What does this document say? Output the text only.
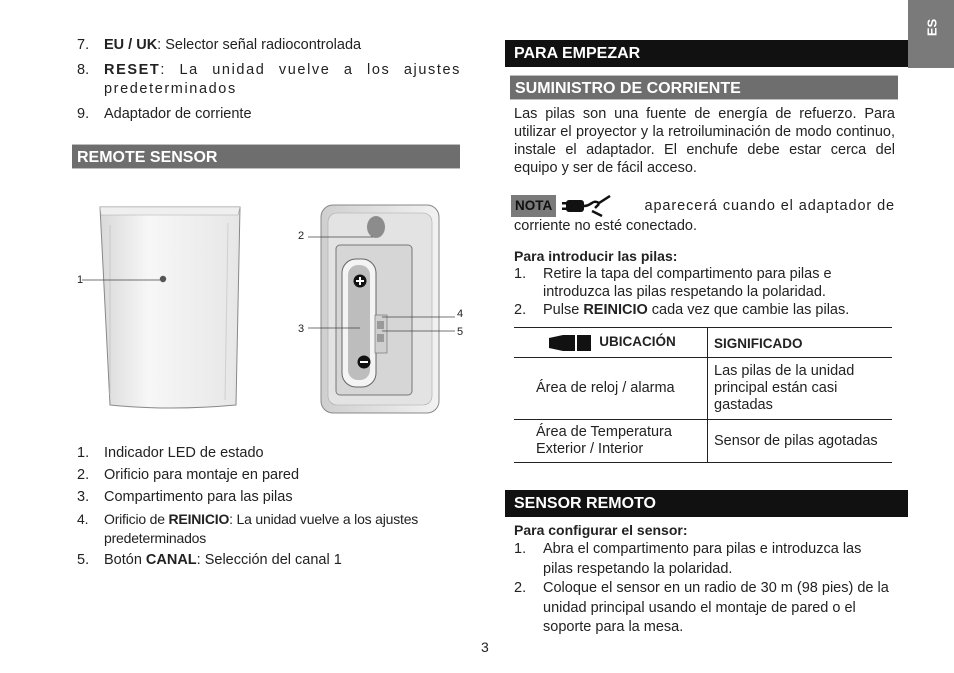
ES
7. EU / UK: Selector señal radiocontrolada
8. RESET: La unidad vuelve a los ajustes predeterminados
9. Adaptador de corriente
REMOTE SENSOR
1
2
3
4
5
1. Indicador LED de estado
2. Orificio para montaje en pared
3. Compartimento para las pilas
4. Orificio de REINICIO: La unidad vuelve a los ajustes predeterminados
5. Botón CANAL: Selección del canal 1
PARA EMPEZAR
SUMINISTRO DE CORRIENTE
Las pilas son una fuente de energía de refuerzo. Para utilizar el proyector y la retroiluminación de modo continuo, instale el adaptador. El enchufe debe estar cerca del equipo y ser de fácil acceso.
NOTA	aparecerá cuando el adaptador de
corriente no esté conectado.
Para introducir las pilas:
1. Retire la tapa del compartimento para pilas e introduzca las pilas respetando la polaridad.
2. Pulse REINICIO cada vez que cambie las pilas.
UBICACIÓN	SIGNIFICADO
Área de reloj / alarma	Las pilas de la unidad principal están casi gastadas
Área de Temperatura Exterior / Interior	Sensor de pilas agotadas
SENSOR REMOTO
Para configurar el sensor:
1. Abra el compartimento para pilas e introduzca las pilas respetando la polaridad.
2. Coloque el sensor en un radio de 30 m (98 pies) de la unidad principal usando el montaje de pared o el soporte para la mesa.
3
